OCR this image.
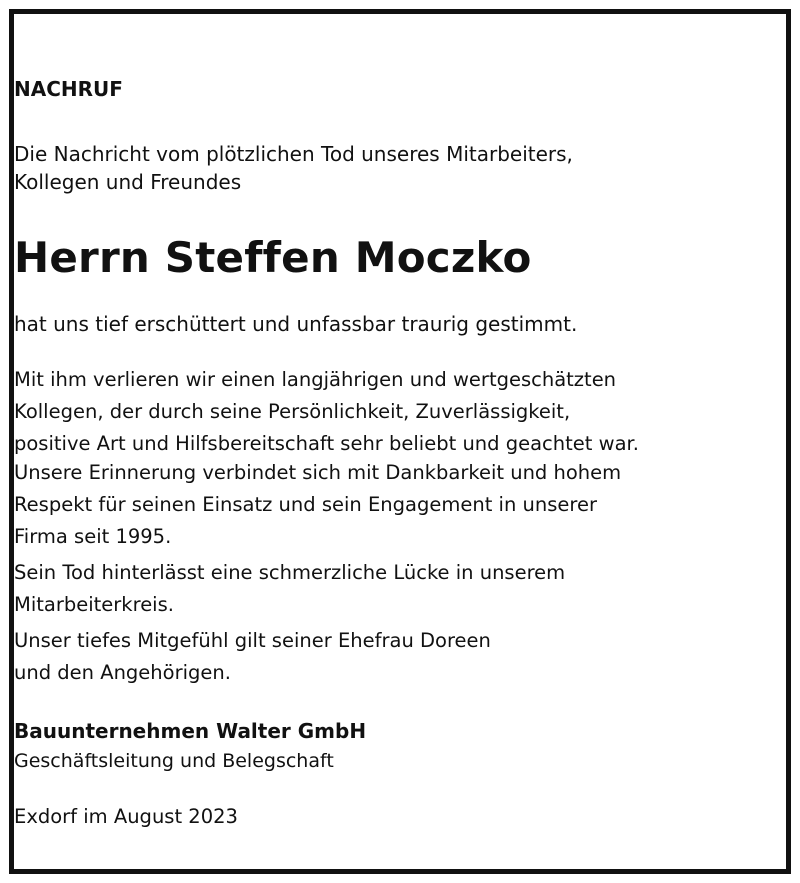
NACHRUF
Die Nachricht vom plötzlichen Tod unseres Mitarbeiters,
Kollegen und Freundes
Herrn Steffen Moczko
hat uns tief erschüttert und unfassbar traurig gestimmt.
Mit ihm verlieren wir einen langjährigen und wertgeschätzten
Kollegen, der durch seine Persönlichkeit, Zuverlässigkeit,
positive Art und Hilfsbereitschaft sehr beliebt und geachtet war.
Unsere Erinnerung verbindet sich mit Dankbarkeit und hohem
Respekt für seinen Einsatz und sein Engagement in unserer
Firma seit 1995.
Sein Tod hinterlässt eine schmerzliche Lücke in unserem
Mitarbeiterkreis.
Unser tiefes Mitgefühl gilt seiner Ehefrau Doreen
und den Angehörigen.
Bauunternehmen Walter GmbH
Geschäftsleitung und Belegschaft
Exdorf im August 2023
